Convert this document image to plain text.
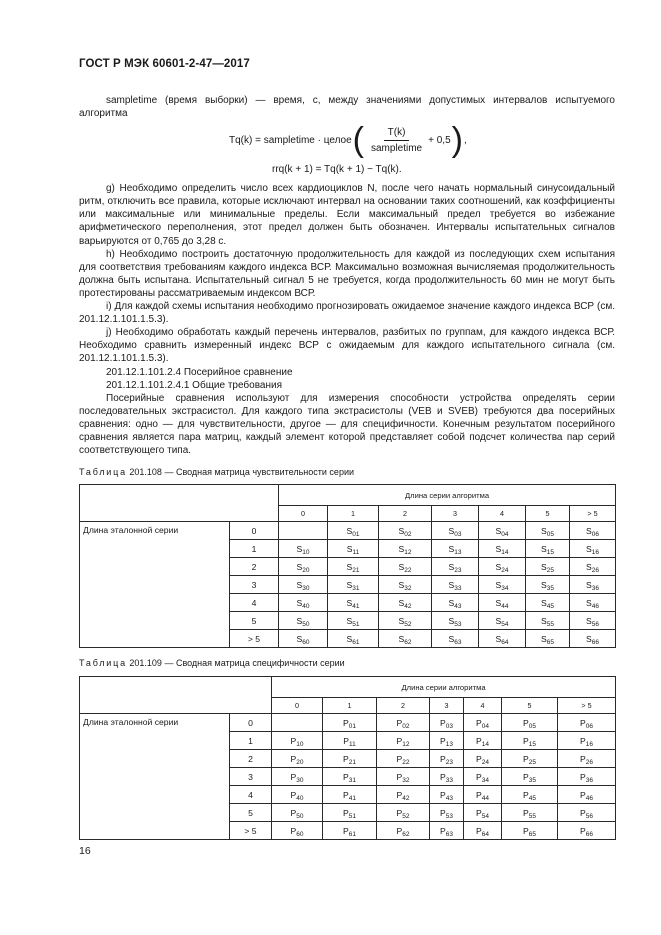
ГОСТ Р МЭК 60601-2-47—2017

sampletime (время выборки) — время, с, между значениями допустимых интервалов испытуемого алгоритма

Tq(k) = sampletime · целое ( $\frac{T(k)}{\text{sampletime}} + 0,5$ ) ,
rrq(k + 1) = Tq(k + 1) − Tq(k).

g) Необходимо определить число всех кардиоциклов N, после чего начать нормальный синусоидальный ритм, отключить все правила, которые исключают интервал на основании таких соотношений, как коэффициенты или максимальные или минимальные пределы. Если максимальный предел требуется во избежание арифметического переполнения, этот предел должен быть обозначен. Интервалы испытательных сигналов варьируются от 0,765 до 3,28 с.

h) Необходимо построить достаточную продолжительность для каждой из последующих схем испытания для соответствия требованиям каждого индекса ВСР. Максимально возможная вычисляемая продолжительность должна быть испытана. Испытательный сигнал 5 не требуется, когда продолжительность 60 мин не могут быть протестированы рассматриваемым индексом ВСР.

i) Для каждой схемы испытания необходимо прогнозировать ожидаемое значение каждого индекса ВСР (см. 201.12.1.101.1.5.3).

j) Необходимо обработать каждый перечень интервалов, разбитых по группам, для каждого индекса ВСР. Необходимо сравнить измеренный индекс ВСР с ожидаемым для каждого испытательного сигнала (см. 201.12.1.101.1.5.3).

201.12.1.101.2.4 Посерийное сравнение

201.12.1.101.2.4.1 Общие требования

Посерийные сравнения используют для измерения способности устройства определять серии последовательных экстрасистол. Для каждого типа экстрасистолы (VEB и SVEB) требуются два посерийных сравнения: одно — для чувствительности, другое — для специфичности. Конечным результатом посерийного сравнения является пара матриц, каждый элемент которой представляет собой подсчет количества пар серий соответствующего типа.

Таблица 201.108 — Сводная матрица чувствительности серии
		Длина серии алгоритма						
		0	1	2	3	4	5	> 5
Длина эталонной серии	0		$S_{01}$	$S_{02}$	$S_{03}$	$S_{04}$	$S_{05}$	$S_{06}$
	1	$S_{10}$	$S_{11}$	$S_{12}$	$S_{13}$	$S_{14}$	$S_{15}$	$S_{16}$
	2	$S_{20}$	$S_{21}$	$S_{22}$	$S_{23}$	$S_{24}$	$S_{25}$	$S_{26}$
	3	$S_{30}$	$S_{31}$	$S_{32}$	$S_{33}$	$S_{34}$	$S_{35}$	$S_{36}$
	4	$S_{40}$	$S_{41}$	$S_{42}$	$S_{43}$	$S_{44}$	$S_{45}$	$S_{46}$
	5	$S_{50}$	$S_{51}$	$S_{52}$	$S_{53}$	$S_{54}$	$S_{55}$	$S_{56}$
	> 5	$S_{60}$	$S_{61}$	$S_{62}$	$S_{63}$	$S_{64}$	$S_{65}$	$S_{66}$
Таблица 201.109 — Сводная матрица специфичности серии
		Длина серии алгоритма						
		0	1	2	3	4	5	> 5
Длина эталонной серии	0		$P_{01}$	$P_{02}$	$P_{03}$	$P_{04}$	$P_{05}$	$P_{06}$
	1	$P_{10}$	$P_{11}$	$P_{12}$	$P_{13}$	$P_{14}$	$P_{15}$	$P_{16}$
	2	$P_{20}$	$P_{21}$	$P_{22}$	$P_{23}$	$P_{24}$	$P_{25}$	$P_{26}$
	3	$P_{30}$	$P_{31}$	$P_{32}$	$P_{33}$	$P_{34}$	$P_{35}$	$P_{36}$
	4	$P_{40}$	$P_{41}$	$P_{42}$	$P_{43}$	$P_{44}$	$P_{45}$	$P_{46}$
	5	$P_{50}$	$P_{51}$	$P_{52}$	$P_{53}$	$P_{54}$	$P_{55}$	$P_{56}$
	> 5	$P_{60}$	$P_{61}$	$P_{62}$	$P_{63}$	$P_{64}$	$P_{65}$	$P_{66}$
16
